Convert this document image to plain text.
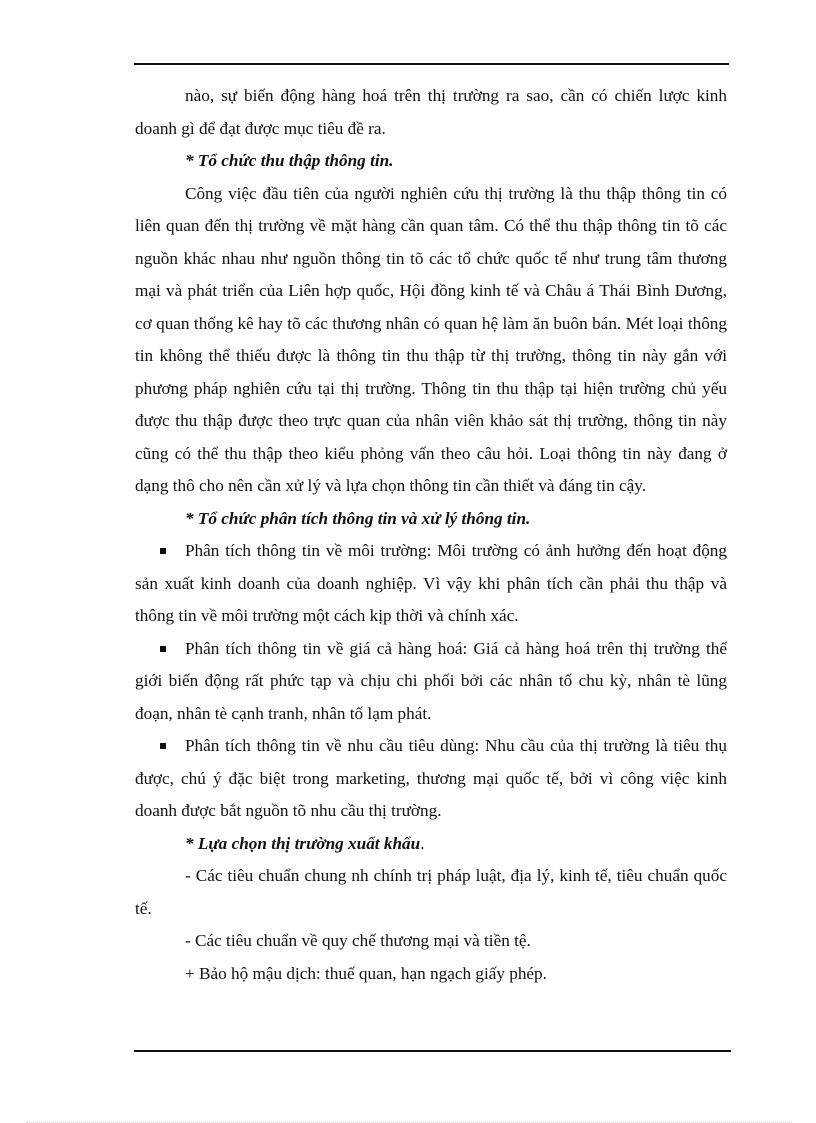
nào, sự biến động hàng hoá trên thị trường ra sao, cần có chiến lược kinh doanh gì để đạt được mục tiêu đề ra.

* Tổ chức thu thập thông tin.

Công việc đầu tiên của người nghiên cứu thị trường là thu thập thông tin có liên quan đến thị trường về mặt hàng cần quan tâm. Có thể thu thập thông tin tõ các nguồn khác nhau như nguồn thông tin tõ các tổ chức quốc tế như trung tâm thương mại và phát triển của Liên hợp quốc, Hội đồng kinh tế và Châu á Thái Bình Dương, cơ quan thống kê hay tõ các thương nhân có quan hệ làm ăn buôn bán. Mét loại thông tin không thể thiếu được là thông tin thu thập từ thị trường, thông tin này gắn với phương pháp nghiên cứu tại thị trường. Thông tin thu thập tại hiện trường chủ yếu được thu thập được theo trực quan của nhân viên khảo sát thị trường, thông tin này cũng có thể thu thập theo kiểu phỏng vấn theo câu hỏi. Loại thông tin này đang ở dạng thô cho nên cần xử lý và lựa chọn thông tin cần thiết và đáng tin cậy.

* Tổ chức phân tích thông tin và xử lý thông tin.

Phân tích thông tin về môi trường: Môi trường có ảnh hưởng đến hoạt động sản xuất kinh doanh của doanh nghiệp. Vì vậy khi phân tích cần phải thu thập và thông tin về môi trường một cách kịp thời và chính xác.
Phân tích thông tin về giá cả hàng hoá: Giá cả hàng hoá trên thị trường thế giới biến động rất phức tạp và chịu chi phối bởi các nhân tố chu kỳ, nhân tè lũng đoạn, nhân tè cạnh tranh, nhân tố lạm phát.
Phân tích thông tin về nhu cầu tiêu dùng: Nhu cầu của thị trường là tiêu thụ được, chú ý đặc biệt trong marketing, thương mại quốc tế, bởi vì công việc kinh doanh được bắt nguồn tõ nhu cầu thị trường.

* Lựa chọn thị trường xuất khẩu.

- Các tiêu chuẩn chung nh chính trị pháp luật, địa lý, kinh tế, tiêu chuẩn quốc tế.

- Các tiêu chuẩn về quy chế thương mại và tiền tệ.

+ Bảo hộ mậu dịch: thuế quan, hạn ngạch giấy phép.
